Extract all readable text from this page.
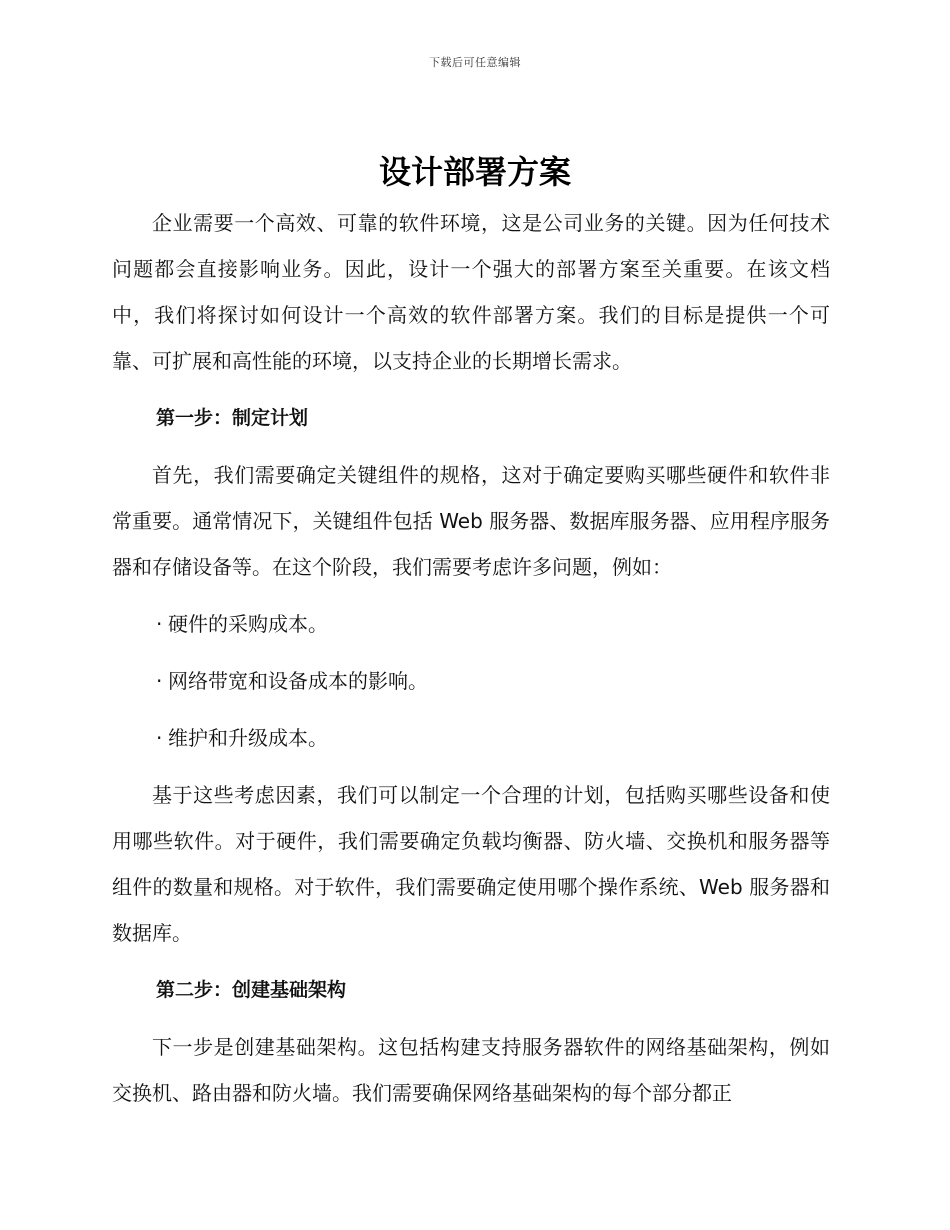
下载后可任意编辑
设计部署方案

企业需要一个高效、可靠的软件环境，这是公司业务的关键。因为任何技术问题都会直接影响业务。因此，设计一个强大的部署方案至关重要。在该文档中，我们将探讨如何设计一个高效的软件部署方案。我们的目标是提供一个可靠、可扩展和高性能的环境，以支持企业的长期增长需求。

第一步：制定计划

首先，我们需要确定关键组件的规格，这对于确定要购买哪些硬件和软件非常重要。通常情况下，关键组件包括 Web 服务器、数据库服务器、应用程序服务器和存储设备等。在这个阶段，我们需要考虑许多问题，例如：

· 硬件的采购成本。
· 网络带宽和设备成本的影响。
· 维护和升级成本。

基于这些考虑因素，我们可以制定一个合理的计划，包括购买哪些设备和使用哪些软件。对于硬件，我们需要确定负载均衡器、防火墙、交换机和服务器等组件的数量和规格。对于软件，我们需要确定使用哪个操作系统、Web 服务器和数据库。

第二步：创建基础架构

下一步是创建基础架构。这包括构建支持服务器软件的网络基础架构，例如交换机、路由器和防火墙。我们需要确保网络基础架构的每个部分都正
